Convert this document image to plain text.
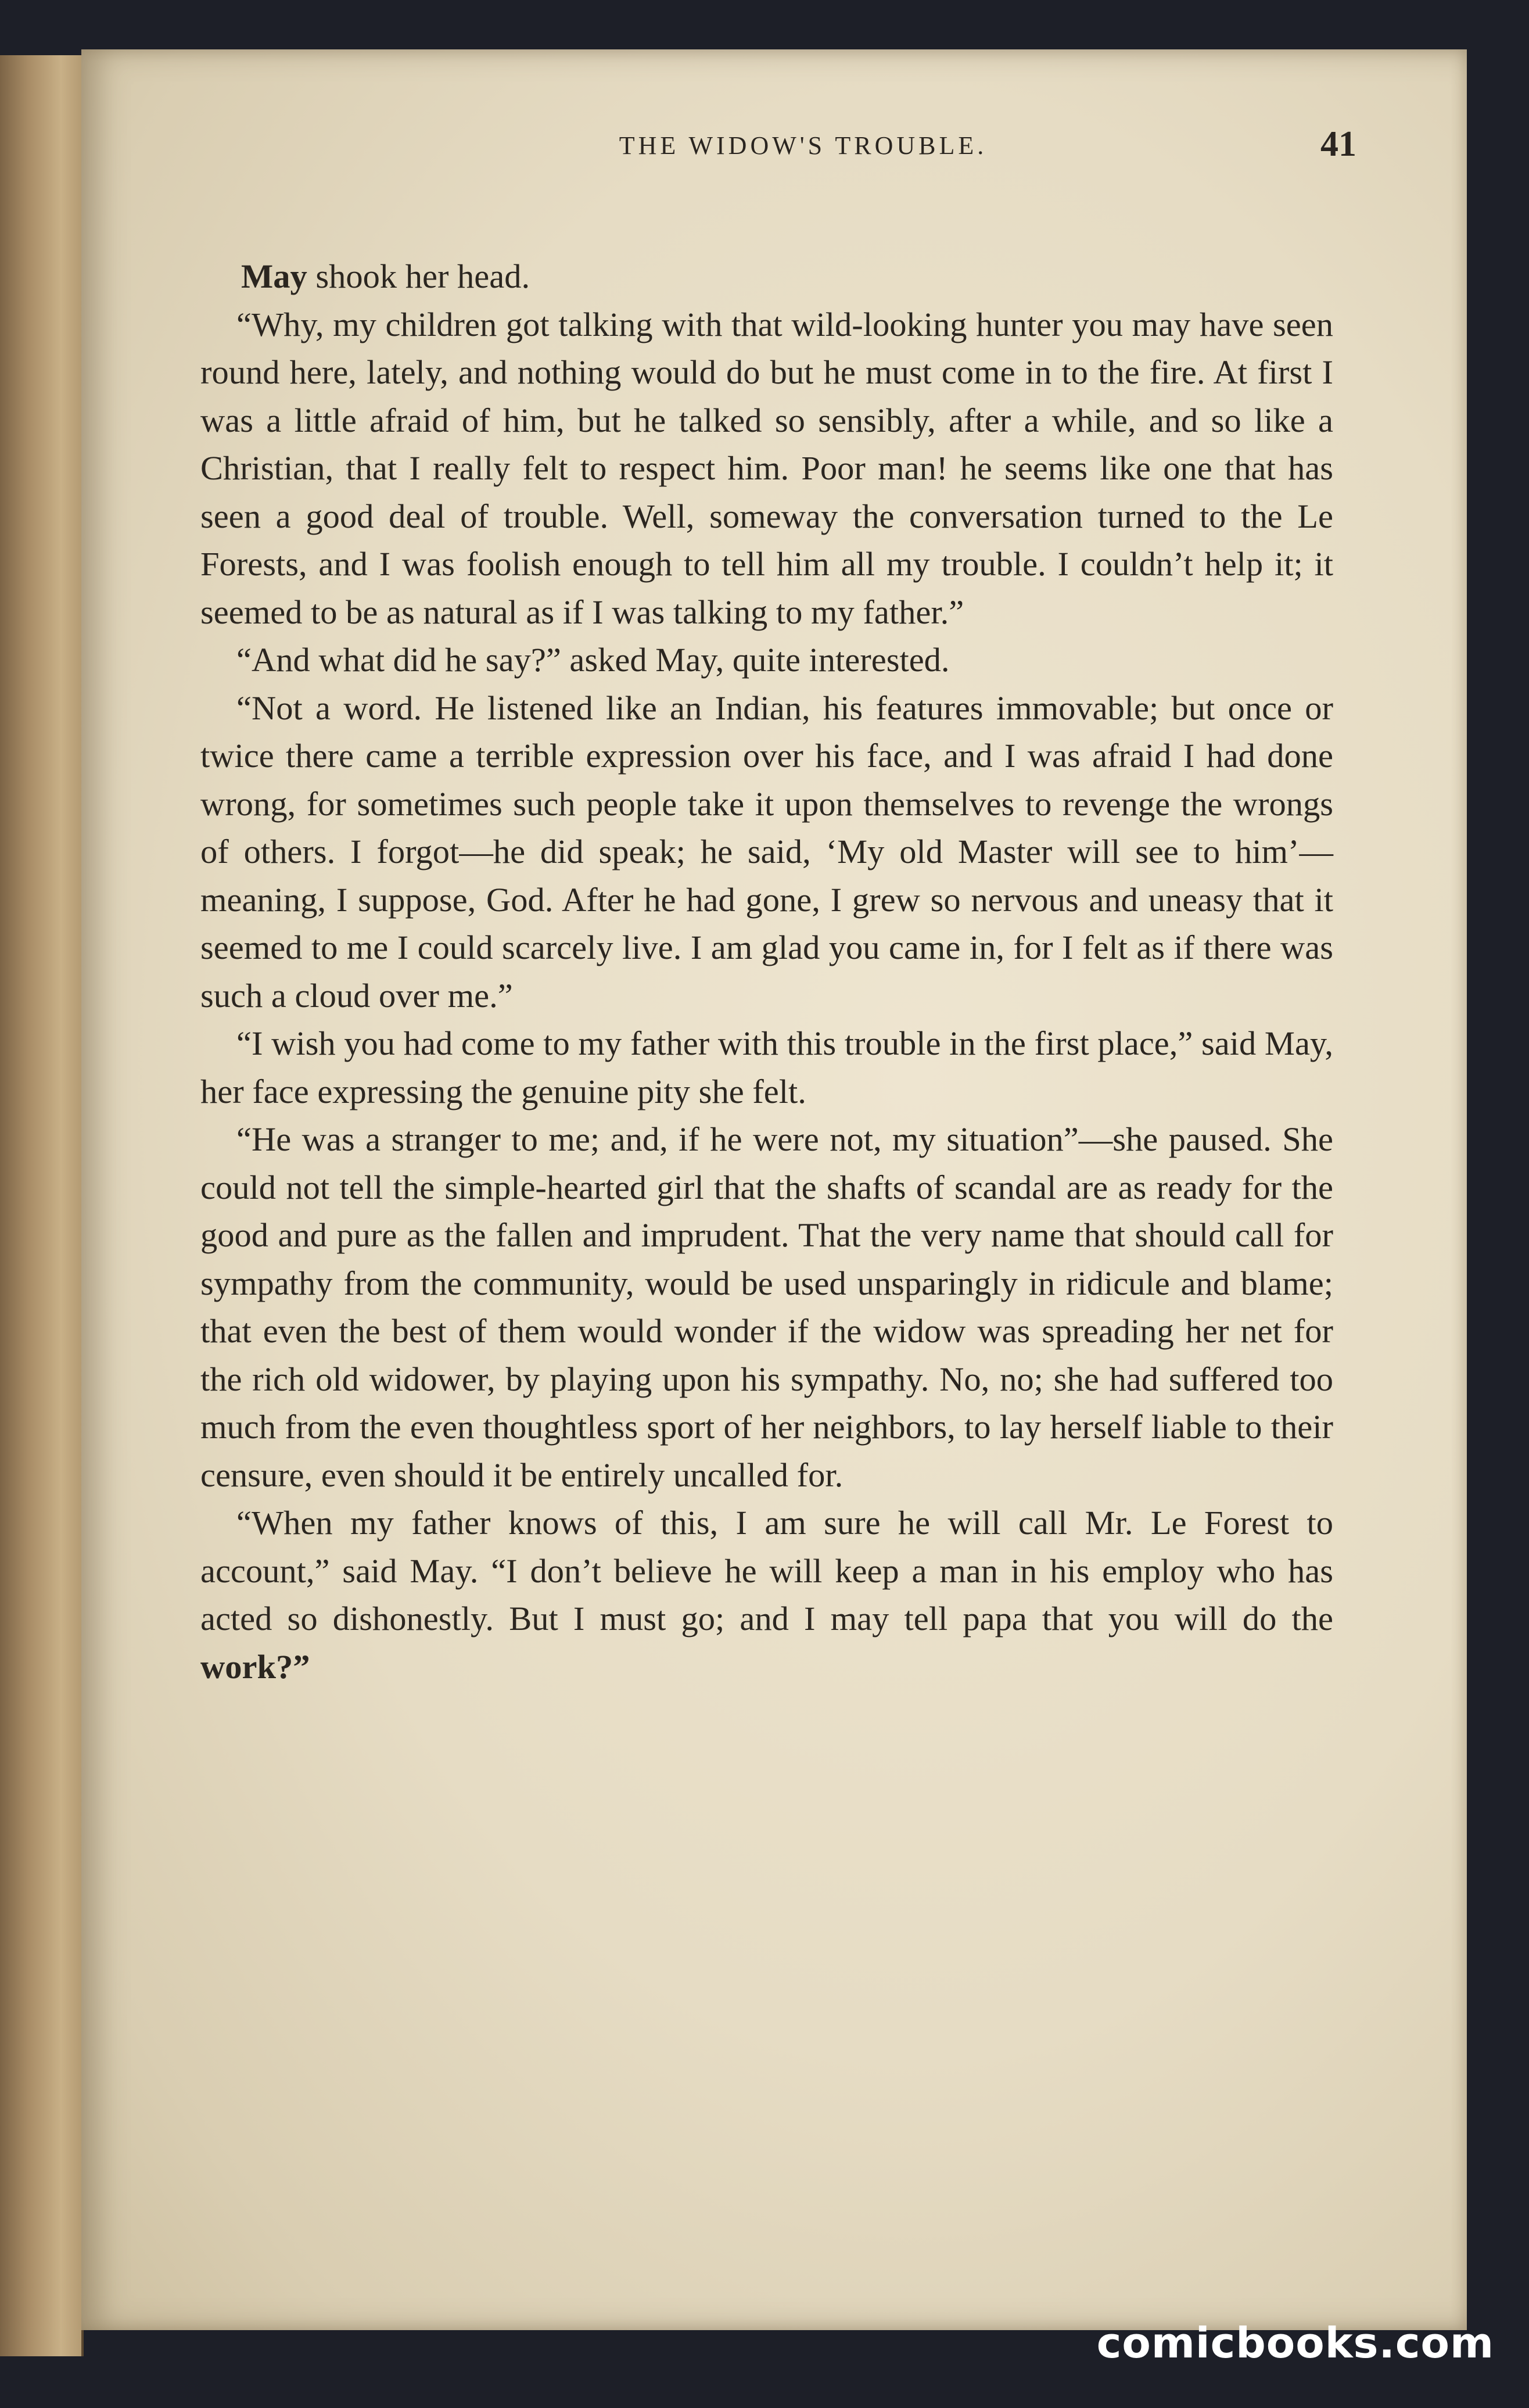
THE WIDOW'S TROUBLE.	41

May shook her head.

“Why, my children got talking with that wild-looking hunter you may have seen round here, lately, and nothing would do but he must come in to the fire. At first I was a little afraid of him, but he talked so sensibly, after a while, and so like a Christian, that I really felt to respect him. Poor man! he seems like one that has seen a good deal of trouble. Well, someway the conversation turned to the Le Forests, and I was foolish enough to tell him all my trouble. I couldn’t help it; it seemed to be as natural as if I was talking to my father.”

“And what did he say?” asked May, quite interested.

“Not a word. He listened like an Indian, his features immovable; but once or twice there came a terrible expression over his face, and I was afraid I had done wrong, for sometimes such people take it upon themselves to revenge the wrongs of others. I forgot—he did speak; he said, ‘My old Master will see to him’—meaning, I suppose, God. After he had gone, I grew so nervous and uneasy that it seemed to me I could scarcely live. I am glad you came in, for I felt as if there was such a cloud over me.”

“I wish you had come to my father with this trouble in the first place,” said May, her face expressing the genuine pity she felt.

“He was a stranger to me; and, if he were not, my situation”—she paused. She could not tell the simple-hearted girl that the shafts of scandal are as ready for the good and pure as the fallen and imprudent. That the very name that should call for sympathy from the community, would be used unsparingly in ridicule and blame; that even the best of them would wonder if the widow was spreading her net for the rich old widower, by playing upon his sympathy. No, no; she had suffered too much from the even thoughtless sport of her neighbors, to lay herself liable to their censure, even should it be entirely uncalled for.

“When my father knows of this, I am sure he will call Mr. Le Forest to account,” said May. “I don’t believe he will keep a man in his employ who has acted so dishonestly. But I must go; and I may tell papa that you will do the work?”

comicbooks.com
